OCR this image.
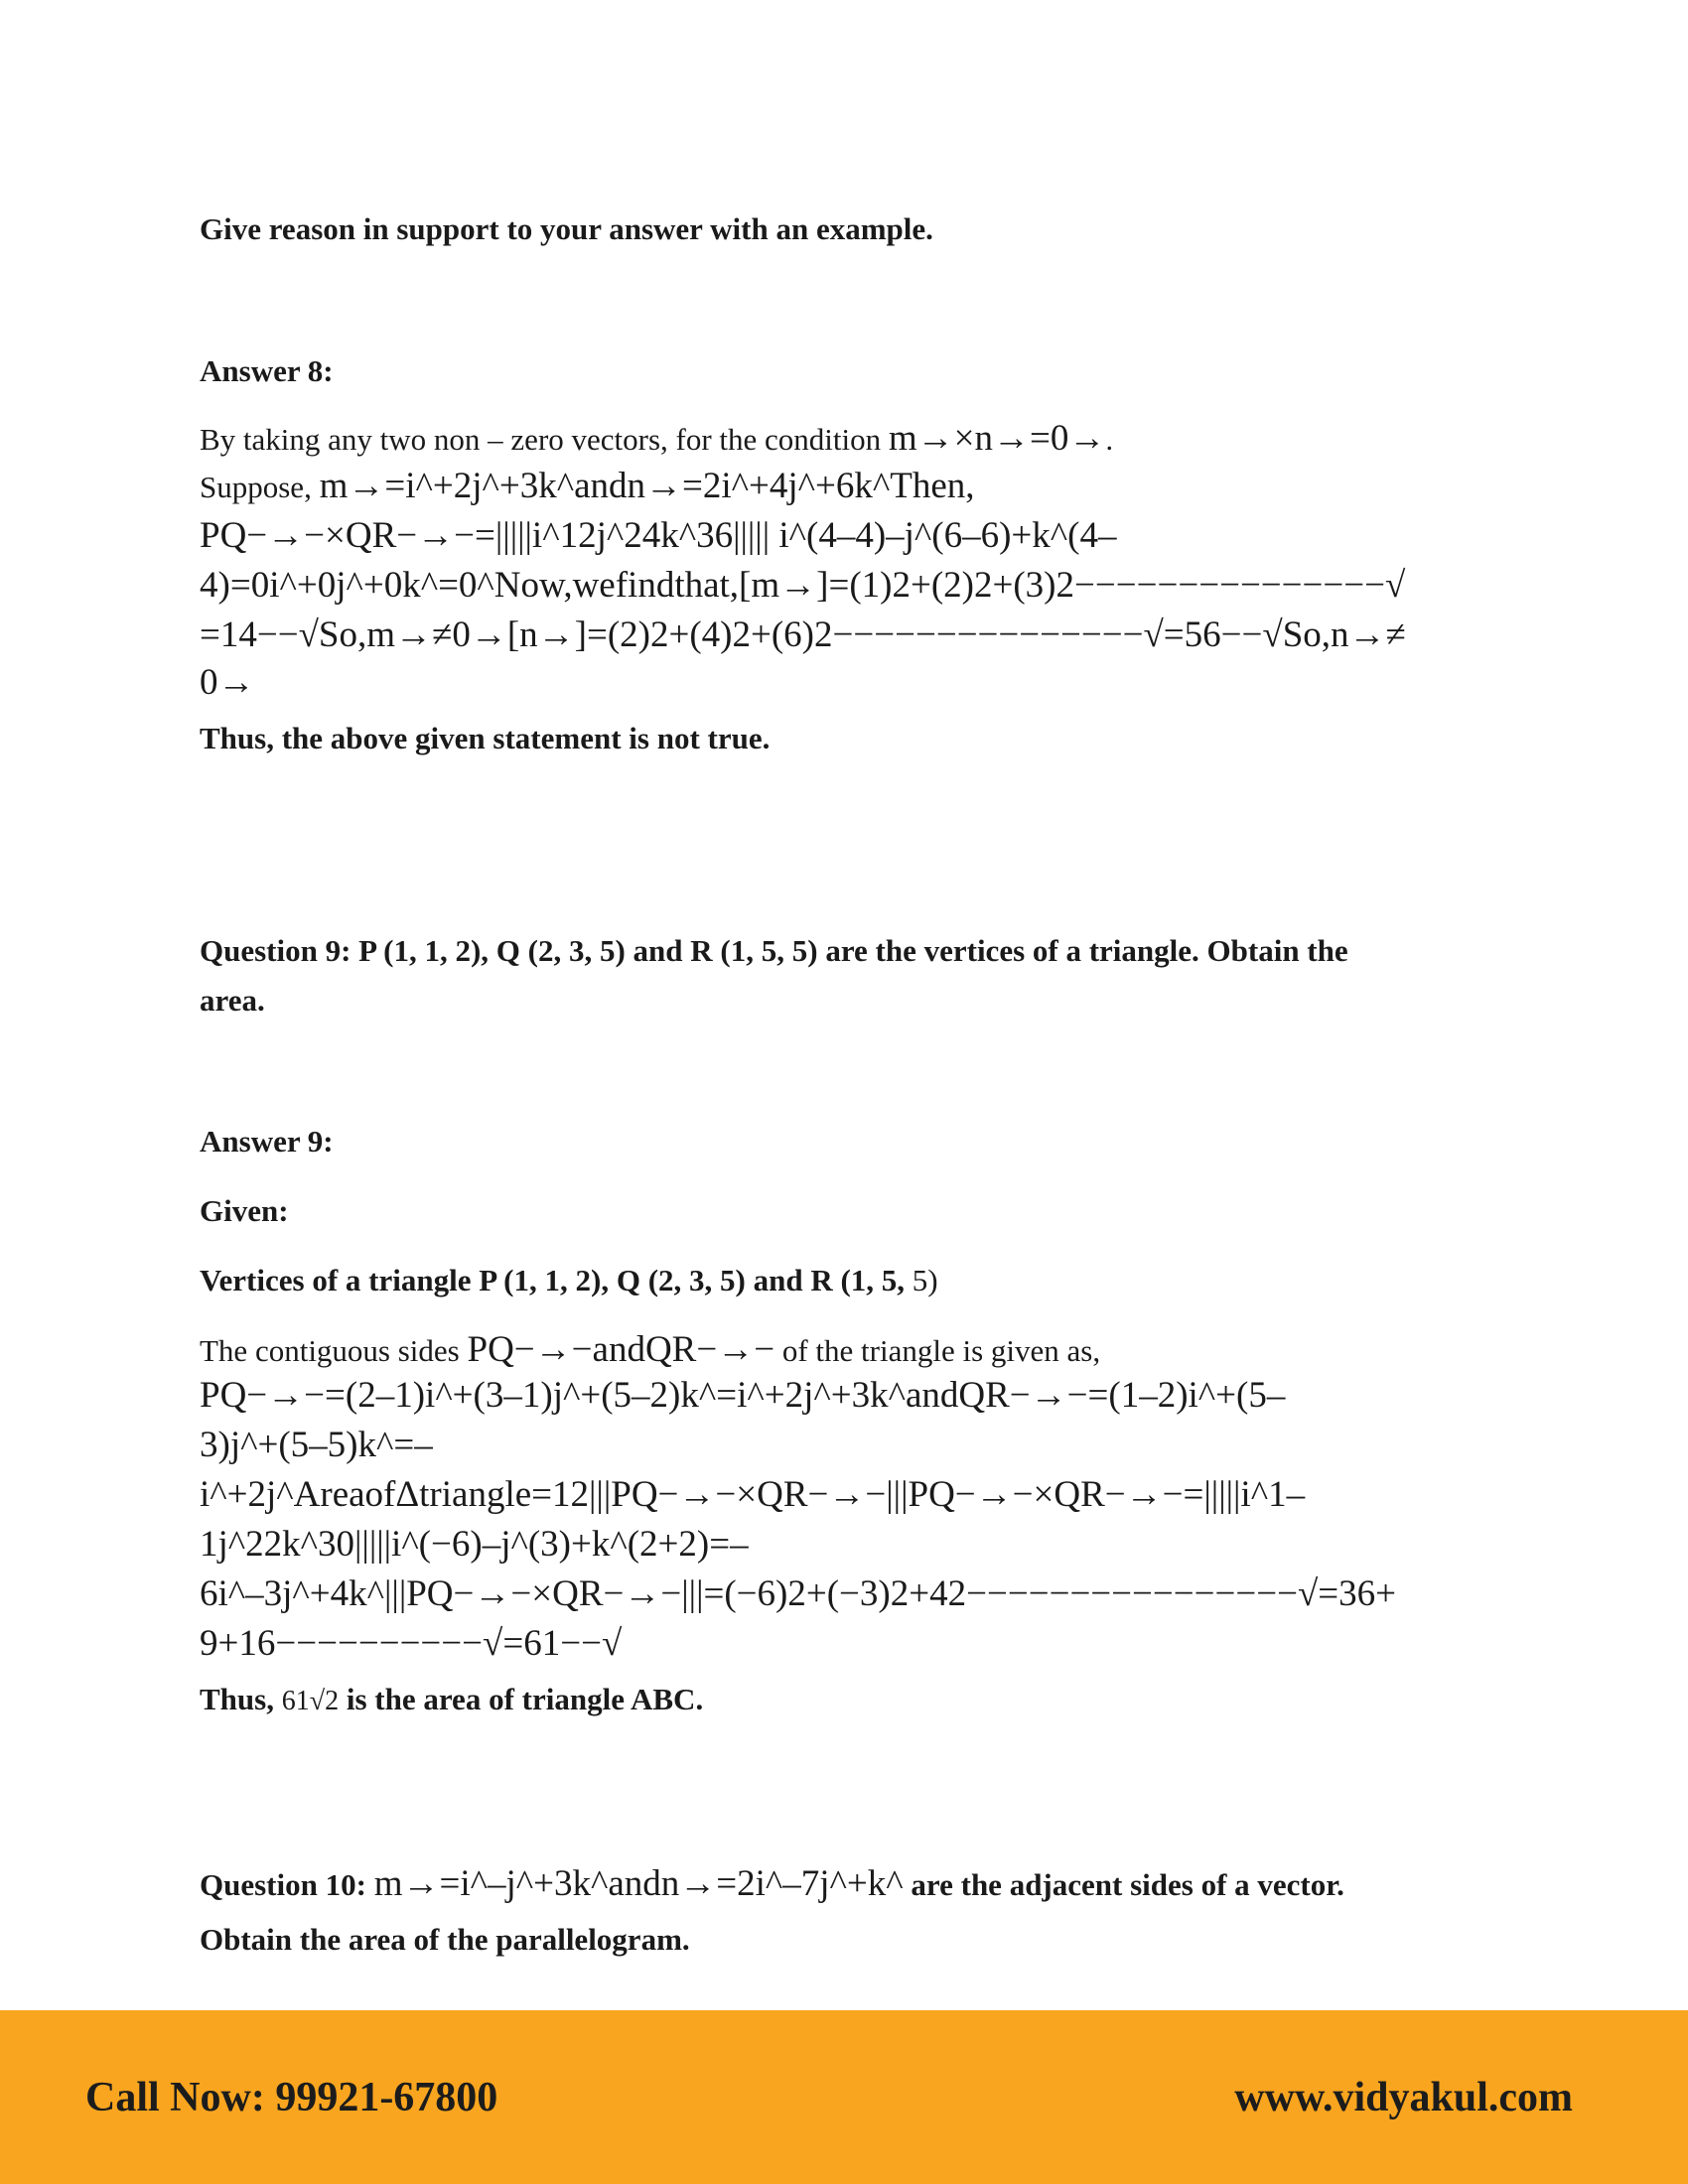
Give reason in support to your answer with an example.
Answer 8:
By taking any two non – zero vectors, for the condition m→×n→=0→.
Suppose, m→=i^+2j^+3k^andn→=2i^+4j^+6k^Then,
PQ−→−×QR−→−=|||||i^12j^24k^36||||| i^(4–4)–j^(6–6)+k^(4–
4)=0i^+0j^+0k^=0^Now,wefindthat,[m→]=(1)2+(2)2+(3)2−−−−−−−−−−−−−−−√
=14−−√So,m→≠0→[n→]=(2)2+(4)2+(6)2−−−−−−−−−−−−−−−√=56−−√So,n→≠
0→
Thus, the above given statement is not true.
Question 9: P (1, 1, 2), Q (2, 3, 5) and R (1, 5, 5) are the vertices of a triangle. Obtain the
area.
Answer 9:
Given:
Vertices of a triangle P (1, 1, 2), Q (2, 3, 5) and R (1, 5, 5)
The contiguous sides PQ−→−andQR−→− of the triangle is given as,
PQ−→−=(2–1)i^+(3–1)j^+(5–2)k^=i^+2j^+3k^andQR−→−=(1–2)i^+(5–
3)j^+(5–5)k^=–
i^+2j^AreaofΔtriangle=12|||PQ−→−×QR−→−|||PQ−→−×QR−→−=|||||i^1–
1j^22k^30|||||i^(−6)–j^(3)+k^(2+2)=–
6i^–3j^+4k^|||PQ−→−×QR−→−|||=(−6)2+(−3)2+42−−−−−−−−−−−−−−−−√=36+
9+16−−−−−−−−−−√=61−−√
Thus, 61√2 is the area of triangle ABC.
Question 10: m→=i^–j^+3k^andn→=2i^–7j^+k^ are the adjacent sides of a vector.
Obtain the area of the parallelogram.
Call Now: 99921-67800	www.vidyakul.com
